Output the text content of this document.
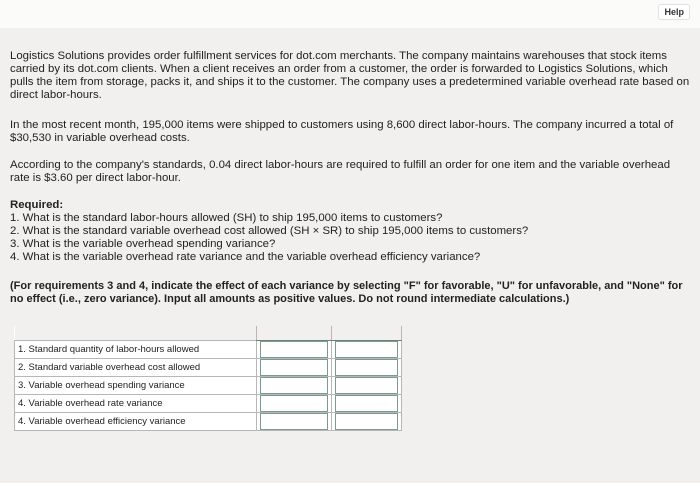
Help

Logistics Solutions provides order fulfillment services for dot.com merchants. The company maintains warehouses that stock items carried by its dot.com clients. When a client receives an order from a customer, the order is forwarded to Logistics Solutions, which pulls the item from storage, packs it, and ships it to the customer. The company uses a predetermined variable overhead rate based on direct labor-hours.

In the most recent month, 195,000 items were shipped to customers using 8,600 direct labor-hours. The company incurred a total of $30,530 in variable overhead costs.

According to the company's standards, 0.04 direct labor-hours are required to fulfill an order for one item and the variable overhead rate is $3.60 per direct labor-hour.

Required:
1. What is the standard labor-hours allowed (SH) to ship 195,000 items to customers?
2. What is the standard variable overhead cost allowed (SH × SR) to ship 195,000 items to customers?
3. What is the variable overhead spending variance?
4. What is the variable overhead rate variance and the variable overhead efficiency variance?

(For requirements 3 and 4, indicate the effect of each variance by selecting "F" for favorable, "U" for unfavorable, and "None" for no effect (i.e., zero variance). Input all amounts as positive values. Do not round intermediate calculations.)

1. Standard quantity of labor-hours allowed	

2. Standard variable overhead cost allowed	

3. Variable overhead spending variance	

4. Variable overhead rate variance	

4. Variable overhead efficiency variance	
